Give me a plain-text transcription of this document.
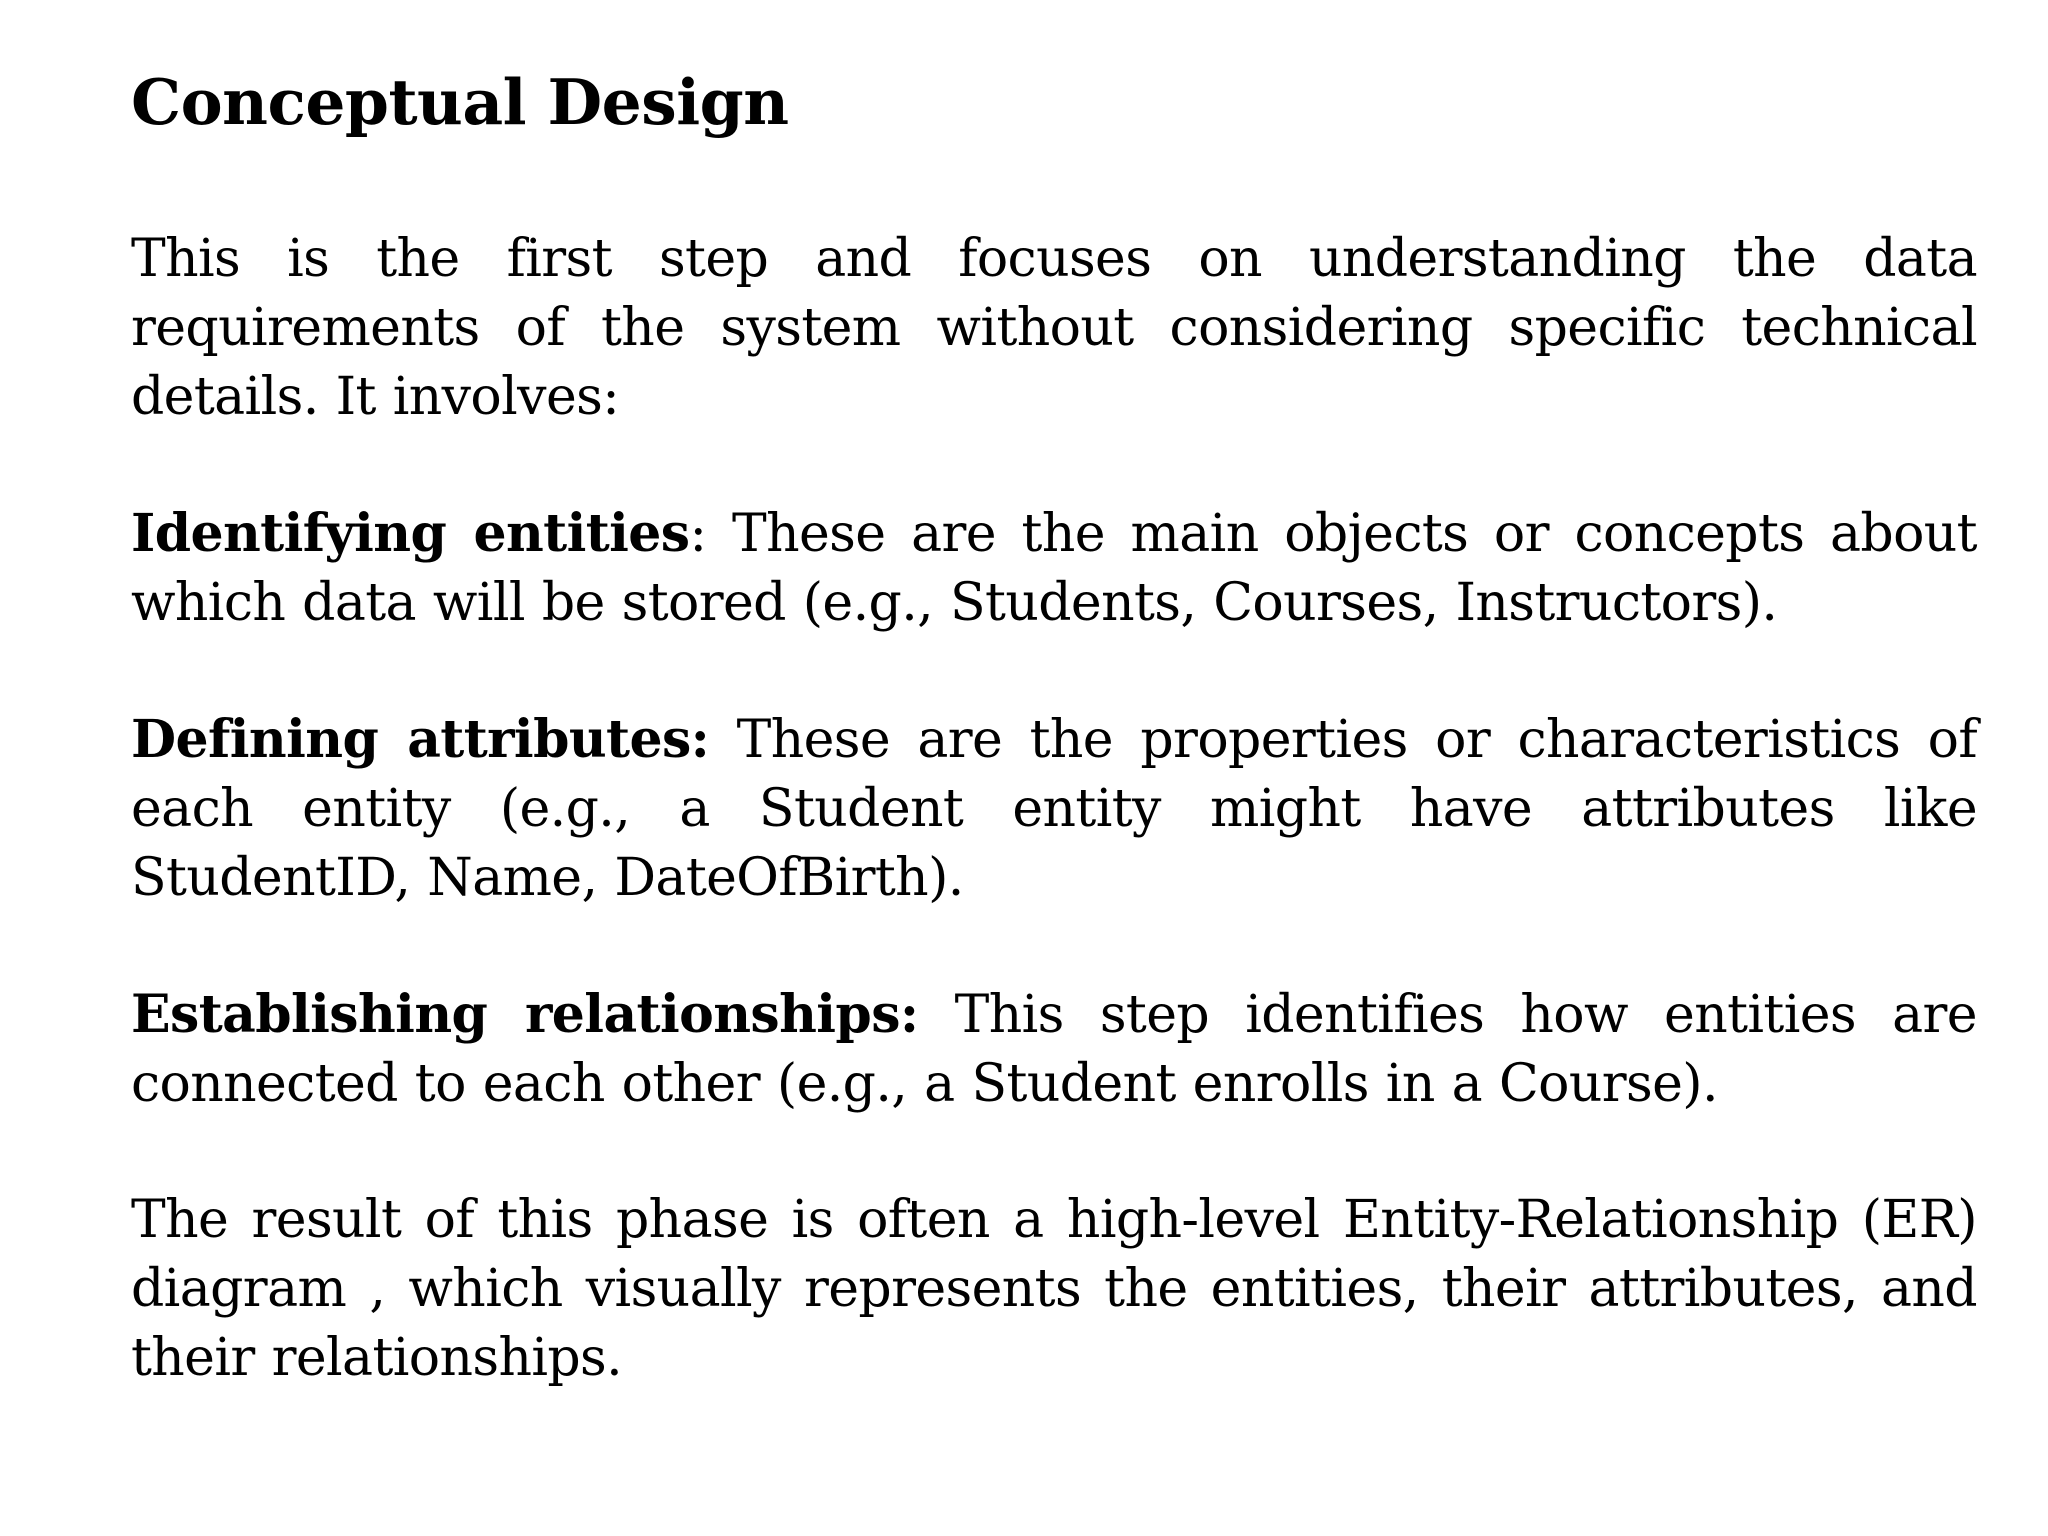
Conceptual Design

This is the first step and focuses on understanding the data requirements of the system without considering specific technical details. It involves:

Identifying entities: These are the main objects or concepts about which data will be stored (e.g., Students, Courses, Instructors).

Defining attributes: These are the properties or characteristics of each entity (e.g., a Student entity might have attributes like StudentID, Name, DateOfBirth).

Establishing relationships: This step identifies how entities are connected to each other (e.g., a Student enrolls in a Course).

The result of this phase is often a high-level Entity-Relationship (ER) diagram , which visually represents the entities, their attributes, and their relationships.
